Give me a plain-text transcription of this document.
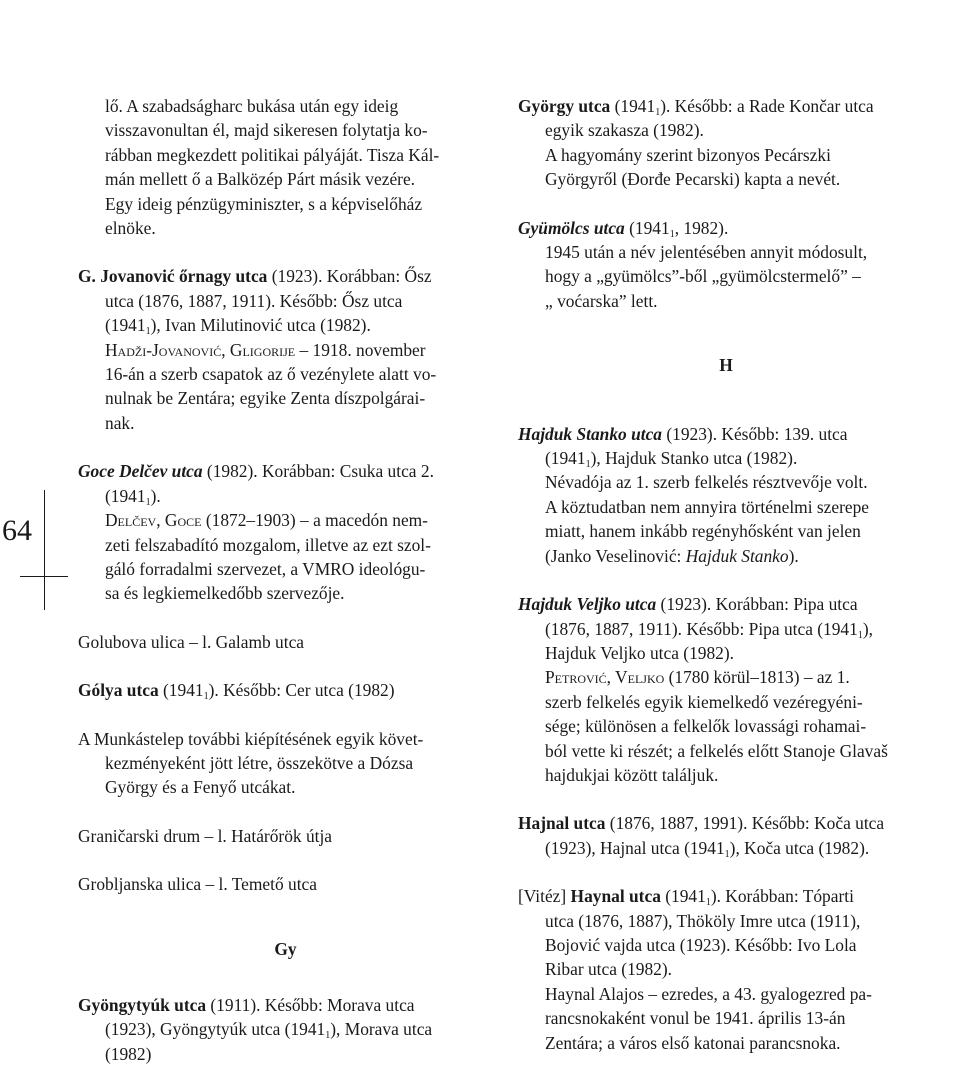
64

lő. A szabadságharc bukása után egy ideig

visszavonultan él, majd sikeresen folytatja ko-

rábban megkezdett politikai pályáját. Tisza Kál-

mán mellett ő a Balközép Párt másik vezére.

Egy ideig pénzügyminiszter, s a képviselőház

elnöke.

G. Jovanović őrnagy utca (1923). Korábban: Ősz

utca (1876, 1887, 1911). Később: Ősz utca

$(1941_1)$, Ivan Milutinović utca (1982).

Hadži-Jovanović, Gligorije – 1918. november

16-án a szerb csapatok az ő vezénylete alatt vo-

nulnak be Zentára; egyike Zenta díszpolgárai-

nak.

Goce Delčev utca (1982). Korábban: Csuka utca 2.

$(1941_1)$.

Delčev, Goce (1872–1903) – a macedón nem-

zeti felszabadító mozgalom, illetve az ezt szol-

gáló forradalmi szervezet, a VMRO ideológu-

sa és legkiemelkedőbb szervezője.

Golubova ulica – l. Galamb utca

Gólya utca $(1941_1)$. Később: Cer utca (1982)

A Munkástelep további kiépítésének egyik követ-

kezményeként jött létre, összekötve a Dózsa

György és a Fenyő utcákat.

Graničarski drum – l. Határőrök útja

Grobljanska ulica – l. Temető utca

Gy

Gyöngytyúk utca (1911). Később: Morava utca

(1923), Gyöngytyúk utca $(1941_1)$, Morava utca

(1982)

György utca $(1941_1)$. Később: a Rade Končar utca

egyik szakasza (1982).

A hagyomány szerint bizonyos Pecárszki

Györgyről (Đorđe Pecarski) kapta a nevét.

Gyümölcs utca ($1941_1$, 1982).

1945 után a név jelentésében annyit módosult,

hogy a „gyümölcs”-ből „gyümölcstermelő” –

„ voćarska” lett.

H

Hajduk Stanko utca (1923). Később: 139. utca

$(1941_1)$, Hajduk Stanko utca (1982).

Névadója az 1. szerb felkelés résztvevője volt.

A köztudatban nem annyira történelmi szerepe

miatt, hanem inkább regényhősként van jelen

(Janko Veselinović: Hajduk Stanko).

Hajduk Veljko utca (1923). Korábban: Pipa utca

(1876, 1887, 1911). Később: Pipa utca $(1941_1)$,

Hajduk Veljko utca (1982).

Petrović, Veljko (1780 körül–1813) – az 1.

szerb felkelés egyik kiemelkedő vezéregyéni-

sége; különösen a felkelők lovassági rohamai-

ból vette ki részét; a felkelés előtt Stanoje Glavaš

hajdukjai között találjuk.

Hajnal utca (1876, 1887, 1991). Később: Koča utca

(1923), Hajnal utca $(1941_1)$, Koča utca (1982).

[Vitéz] Haynal utca $(1941_1)$. Korábban: Tóparti

utca (1876, 1887), Thököly Imre utca (1911),

Bojović vajda utca (1923). Később: Ivo Lola

Ribar utca (1982).

Haynal Alajos – ezredes, a 43. gyalogezred pa-

rancsnokaként vonul be 1941. április 13-án

Zentára; a város első katonai parancsnoka.
